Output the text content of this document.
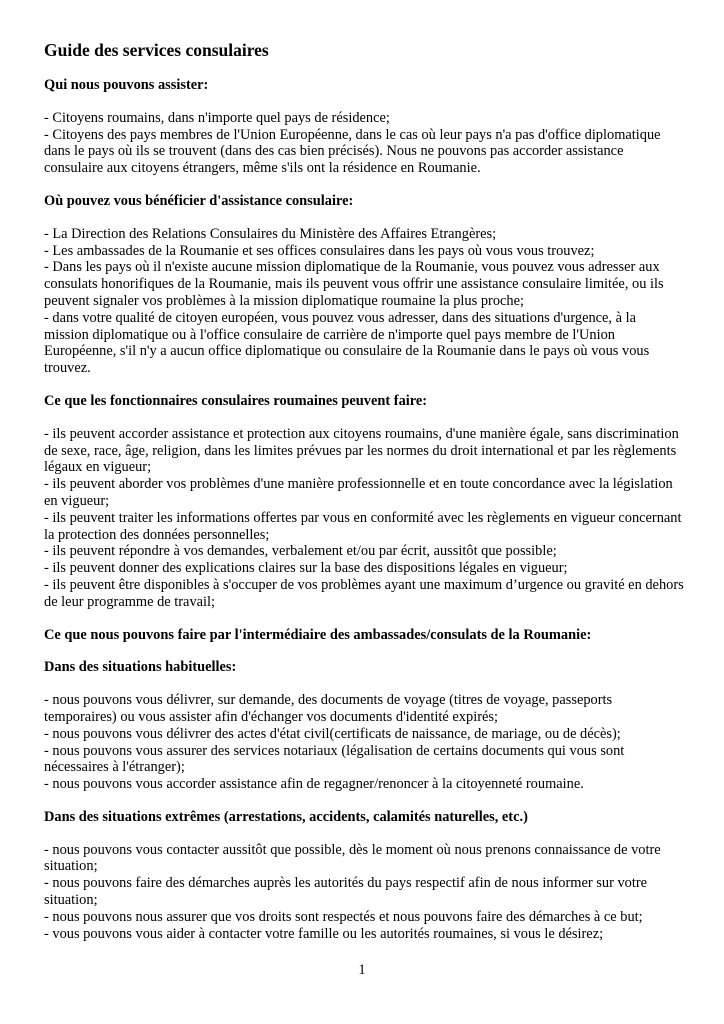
Guide des services consulaires
Qui nous pouvons assister:
- Citoyens roumains, dans n'importe quel pays de résidence;
- Citoyens des pays membres de l'Union Européenne, dans le cas où leur pays n'a pas d'office diplomatique dans le pays où ils se trouvent (dans des cas bien précisés). Nous ne pouvons pas accorder assistance consulaire aux citoyens étrangers, même s'ils ont la résidence en Roumanie.
Où pouvez vous bénéficier d'assistance consulaire:
- La Direction des Relations Consulaires du Ministère des Affaires Etrangères;
- Les ambassades de la Roumanie et ses offices consulaires dans les pays où vous vous trouvez;
- Dans les pays où il n'existe aucune mission diplomatique de la Roumanie, vous pouvez vous adresser aux consulats honorifiques de la Roumanie, mais ils peuvent vous offrir une assistance consulaire limitée, ou ils peuvent signaler vos problèmes à la mission diplomatique roumaine la plus proche;
- dans votre qualité de citoyen européen, vous pouvez vous adresser, dans des situations d'urgence, à la mission diplomatique ou à l'office consulaire de carrière de n'importe quel pays membre de l'Union Européenne, s'il n'y a aucun office diplomatique ou consulaire de la Roumanie dans le pays où vous vous trouvez.
Ce que les fonctionnaires consulaires roumaines peuvent faire:
- ils peuvent accorder assistance et protection aux citoyens roumains, d'une manière égale, sans discrimination de sexe, race, âge, religion, dans les limites prévues par les normes du droit international et par les règlements légaux en vigueur;
- ils peuvent aborder vos problèmes d'une manière professionnelle et en toute concordance avec la législation en vigueur;
- ils peuvent traiter les informations offertes par vous en conformité avec les règlements en vigueur concernant la protection des données personnelles;
- ils peuvent répondre à vos demandes, verbalement et/ou par écrit, aussitôt que possible;
- ils peuvent donner des explications claires sur la base des dispositions légales en vigueur;
- ils peuvent être disponibles à s'occuper de vos problèmes ayant une maximum d’urgence ou gravité en dehors de leur programme de travail;
Ce que nous pouvons faire par l'intermédiaire des ambassades/consulats de la Roumanie:
Dans des situations habituelles:
- nous pouvons vous délivrer, sur demande, des documents de voyage (titres de voyage, passeports temporaires) ou vous assister afin d'échanger vos documents d'identité expirés;
- nous pouvons vous délivrer des actes d'état civil(certificats de naissance, de mariage, ou de décès);
- nous pouvons vous assurer des services notariaux (légalisation de certains documents qui vous sont nécessaires à l'étranger);
- nous pouvons vous accorder assistance afin de regagner/renoncer à la citoyenneté roumaine.
Dans des situations extrêmes (arrestations, accidents, calamités naturelles, etc.)
- nous pouvons vous contacter aussitôt que possible, dès le moment où nous prenons connaissance de votre situation;
- nous pouvons faire des démarches auprès les autorités du pays respectif afin de nous informer sur votre situation;
- nous pouvons nous assurer que vos droits sont respectés et nous pouvons faire des démarches à ce but;
- vous pouvons vous aider à contacter votre famille ou les autorités roumaines, si vous le désirez;
1
